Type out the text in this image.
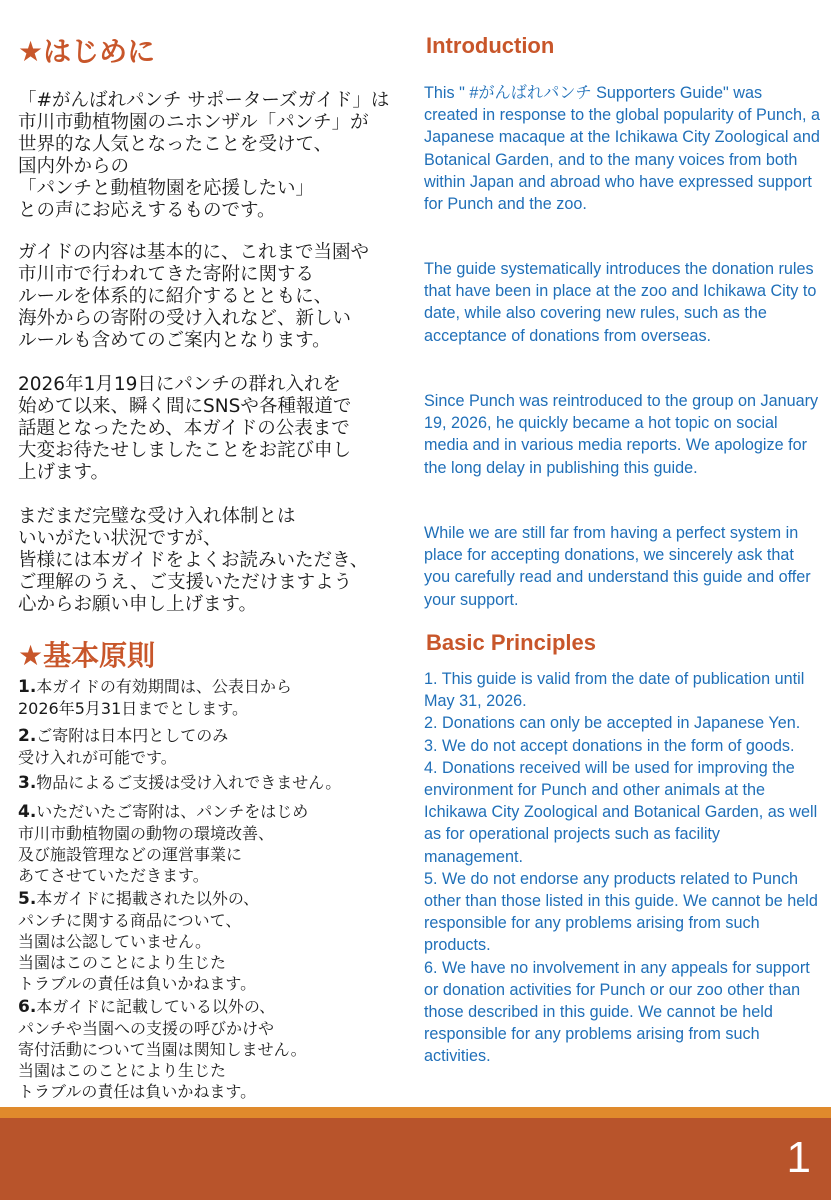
★はじめに

「#がんばれパンチ サポーターズガイド」は
市川市動植物園のニホンザル「パンチ」が
世界的な人気となったことを受けて、
国内外からの
「パンチと動植物園を応援したい」
との声にお応えするものです。

ガイドの内容は基本的に、これまで当園や
市川市で行われてきた寄附に関する
ルールを体系的に紹介するとともに、
海外からの寄附の受け入れなど、新しい
ルールも含めてのご案内となります。

2026年1月19日にパンチの群れ入れを
始めて以来、瞬く間にSNSや各種報道で
話題となったため、本ガイドの公表まで
大変お待たせしましたことをお詫び申し
上げます。

まだまだ完璧な受け入れ体制とは
いいがたい状況ですが、
皆様には本ガイドをよくお読みいただき、
ご理解のうえ、ご支援いただけますよう
心からお願い申し上げます。

★基本原則
1.本ガイドの有効期間は、公表日から
2026年5月31日までとします。
2.ご寄附は日本円としてのみ
受け入れが可能です。
3.物品によるご支援は受け入れできません。
4.いただいたご寄附は、パンチをはじめ
市川市動植物園の動物の環境改善、
及び施設管理などの運営事業に
あてさせていただきます。
5.本ガイドに掲載された以外の、
パンチに関する商品について、
当園は公認していません。
当園はこのことにより生じた
トラブルの責任は負いかねます。
6.本ガイドに記載している以外の、
パンチや当園への支援の呼びかけや
寄付活動について当園は関知しません。
当園はこのことにより生じた
トラブルの責任は負いかねます。
Introduction

This " #がんばれパンチ Supporters Guide" was created in response to the global popularity of Punch, a Japanese macaque at the Ichikawa City Zoological and Botanical Garden, and to the many voices from both within Japan and abroad who have expressed support for Punch and the zoo.

The guide systematically introduces the donation rules that have been in place at the zoo and Ichikawa City to date, while also covering new rules, such as the acceptance of donations from overseas.

Since Punch was reintroduced to the group on January 19, 2026, he quickly became a hot topic on social media and in various media reports. We apologize for the long delay in publishing this guide.

While we are still far from having a perfect system in place for accepting donations, we sincerely ask that you carefully read and understand this guide and offer your support.

Basic Principles
1. This guide is valid from the date of publication until May 31, 2026.
2. Donations can only be accepted in Japanese Yen.
3. We do not accept donations in the form of goods.
4. Donations received will be used for improving the environment for Punch and other animals at the Ichikawa City Zoological and Botanical Garden, as well as for operational projects such as facility management.
5. We do not endorse any products related to Punch other than those listed in this guide. We cannot be held responsible for any problems arising from such products.
6. We have no involvement in any appeals for support or donation activities for Punch or our zoo other than those described in this guide. We cannot be held responsible for any problems arising from such activities.
1
